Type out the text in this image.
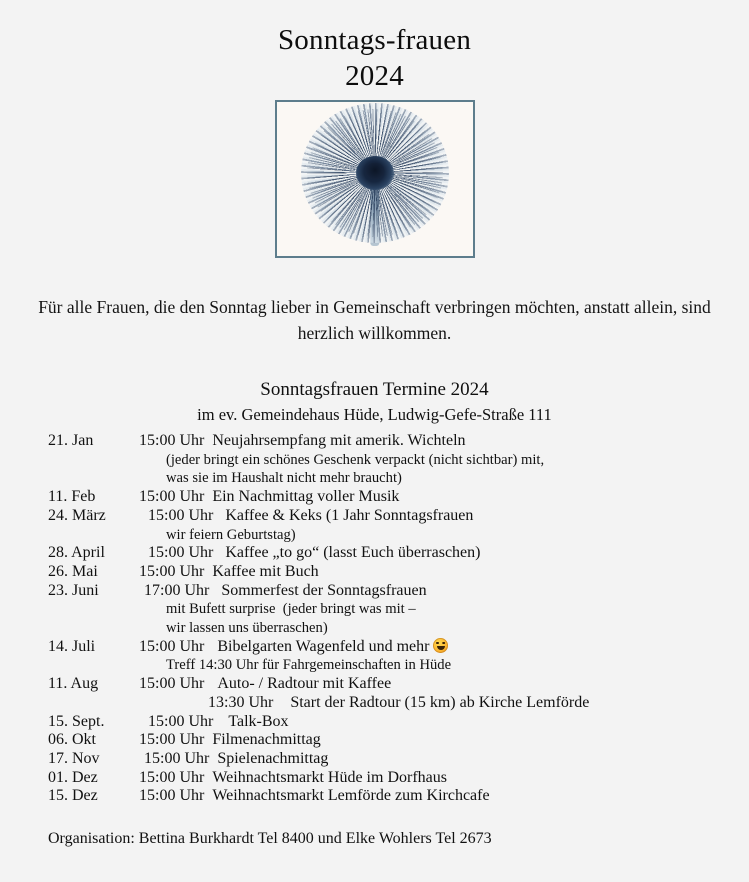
Sonntags-frauen
2024
Für alle Frauen, die den Sonntag lieber in Gemeinschaft verbringen möchten, anstatt allein, sind herzlich willkommen.
Sonntagsfrauen Termine 2024
im ev. Gemeindehaus Hüde, Ludwig-Gefe-Straße 111
21. Jan	15:00 Uhr Neujahrsempfang mit amerik. Wichteln
(jeder bringt ein schönes Geschenk verpackt (nicht sichtbar) mit,
was sie im Haushalt nicht mehr braucht)
11. Feb	15:00 Uhr Ein Nachmittag voller Musik
24. März	15:00 Uhr Kaffee & Keks (1 Jahr Sonntagsfrauen
wir feiern Geburtstag)
28. April	15:00 Uhr Kaffee „to go“ (lasst Euch überraschen)
26. Mai	15:00 Uhr Kaffee mit Buch
23. Juni	17:00 Uhr Sommerfest der Sonntagsfrauen
mit Bufett surprise  (jeder bringt was mit –
wir lassen uns überraschen)
14. Juli	15:00 Uhr Bibelgarten Wagenfeld und mehr
Treff 14:30 Uhr für Fahrgemeinschaften in Hüde
11. Aug	15:00 Uhr Auto- / Radtour mit Kaffee
13:30 Uhr Start der Radtour (15 km) ab Kirche Lemförde
15. Sept.	15:00 Uhr Talk-Box
06. Okt	15:00 Uhr Filmenachmittag
17. Nov	15:00 Uhr Spielenachmittag
01. Dez	15:00 Uhr Weihnachtsmarkt Hüde im Dorfhaus
15. Dez	15:00 Uhr Weihnachtsmarkt Lemförde zum Kirchcafe
Organisation: Bettina Burkhardt Tel 8400 und Elke Wohlers Tel 2673
